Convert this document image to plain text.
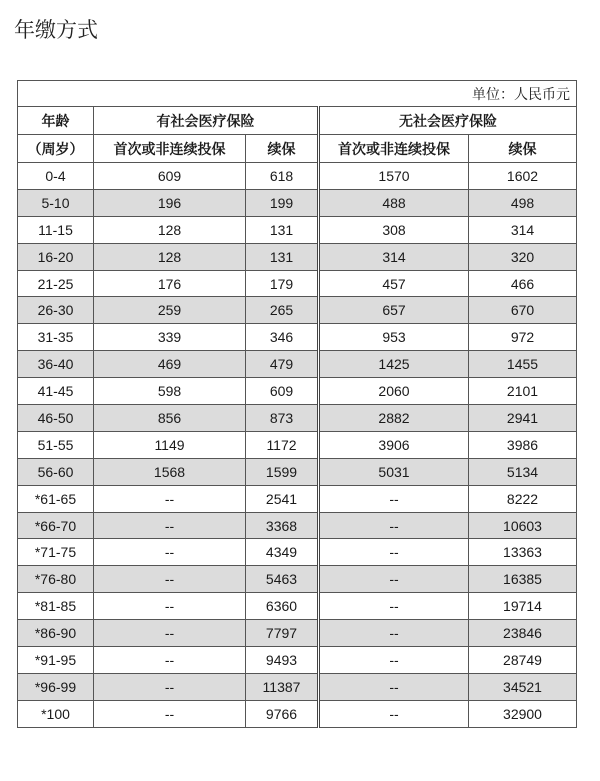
年缴方式
单位：人民币元				
年龄	有社会医疗保险		无社会医疗保险	
（周岁）	首次或非连续投保	续保	首次或非连续投保	续保
0-4	609	618	1570	1602
5-10	196	199	488	498
11-15	128	131	308	314
16-20	128	131	314	320
21-25	176	179	457	466
26-30	259	265	657	670
31-35	339	346	953	972
36-40	469	479	1425	1455
41-45	598	609	2060	2101
46-50	856	873	2882	2941
51-55	1149	1172	3906	3986
56-60	1568	1599	5031	5134
*61-65	--	2541	--	8222
*66-70	--	3368	--	10603
*71-75	--	4349	--	13363
*76-80	--	5463	--	16385
*81-85	--	6360	--	19714
*86-90	--	7797	--	23846
*91-95	--	9493	--	28749
*96-99	--	11387	--	34521
*100	--	9766	--	32900
